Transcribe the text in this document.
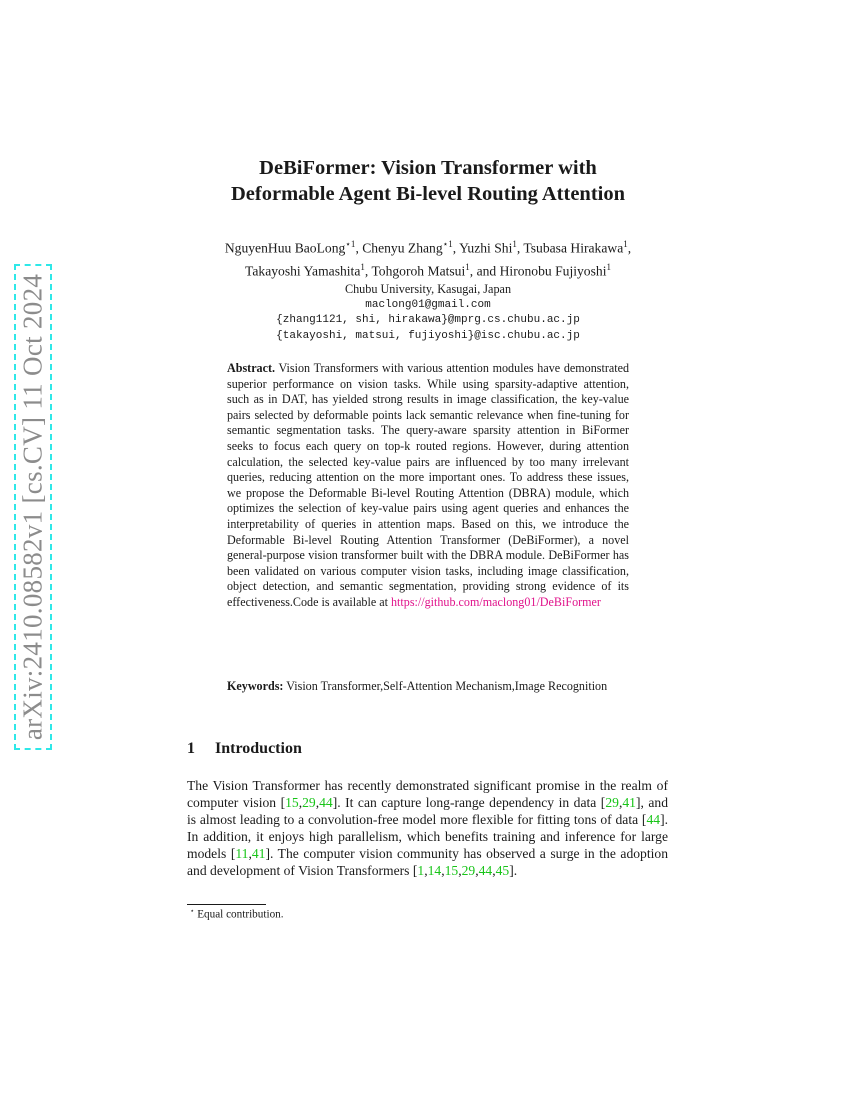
arXiv:2410.08582v1 [cs.CV] 11 Oct 2024
DeBiFormer: Vision Transformer with
Deformable Agent Bi-level Routing Attention
NguyenHuu BaoLong$^{⋆1}$, Chenyu Zhang$^{⋆1}$, Yuzhi Shi$^1$, Tsubasa Hirakawa$^1$,
Takayoshi Yamashita$^1$, Tohgoroh Matsui$^1$, and Hironobu Fujiyoshi$^1$
Chubu University, Kasugai, Japan
maclong01@gmail.com
{zhang1121, shi, hirakawa}@mprg.cs.chubu.ac.jp
{takayoshi, matsui, fujiyoshi}@isc.chubu.ac.jp
Abstract. Vision Transformers with various attention modules have demonstrated superior performance on vision tasks. While using sparsity-adaptive attention, such as in DAT, has yielded strong results in image classification, the key-value pairs selected by deformable points lack semantic relevance when fine-tuning for semantic segmentation tasks. The query-aware sparsity attention in BiFormer seeks to focus each query on top-k routed regions. However, during attention calculation, the selected key-value pairs are influenced by too many irrelevant queries, reducing attention on the more important ones. To address these issues, we propose the Deformable Bi-level Routing Attention (DBRA) module, which optimizes the selection of key-value pairs using agent queries and enhances the interpretability of queries in attention maps. Based on this, we introduce the Deformable Bi-level Routing Attention Transformer (DeBiFormer), a novel general-purpose vision transformer built with the DBRA module. DeBiFormer has been validated on various computer vision tasks, including image classification, object detection, and semantic segmentation, providing strong evidence of its effectiveness.Code is available at https://github.com/maclong01/DeBiFormer
Keywords: Vision Transformer,Self-Attention Mechanism,Image Recognition
1 Introduction
The Vision Transformer has recently demonstrated significant promise in the realm of computer vision [15,29,44]. It can capture long-range dependency in data [29,41], and is almost leading to a convolution-free model more flexible for fitting tons of data [44]. In addition, it enjoys high parallelism, which benefits training and inference for large models [11,41]. The computer vision community has observed a surge in the adoption and development of Vision Transformers [1,14,15,29,44,45].
⋆ Equal contribution.
